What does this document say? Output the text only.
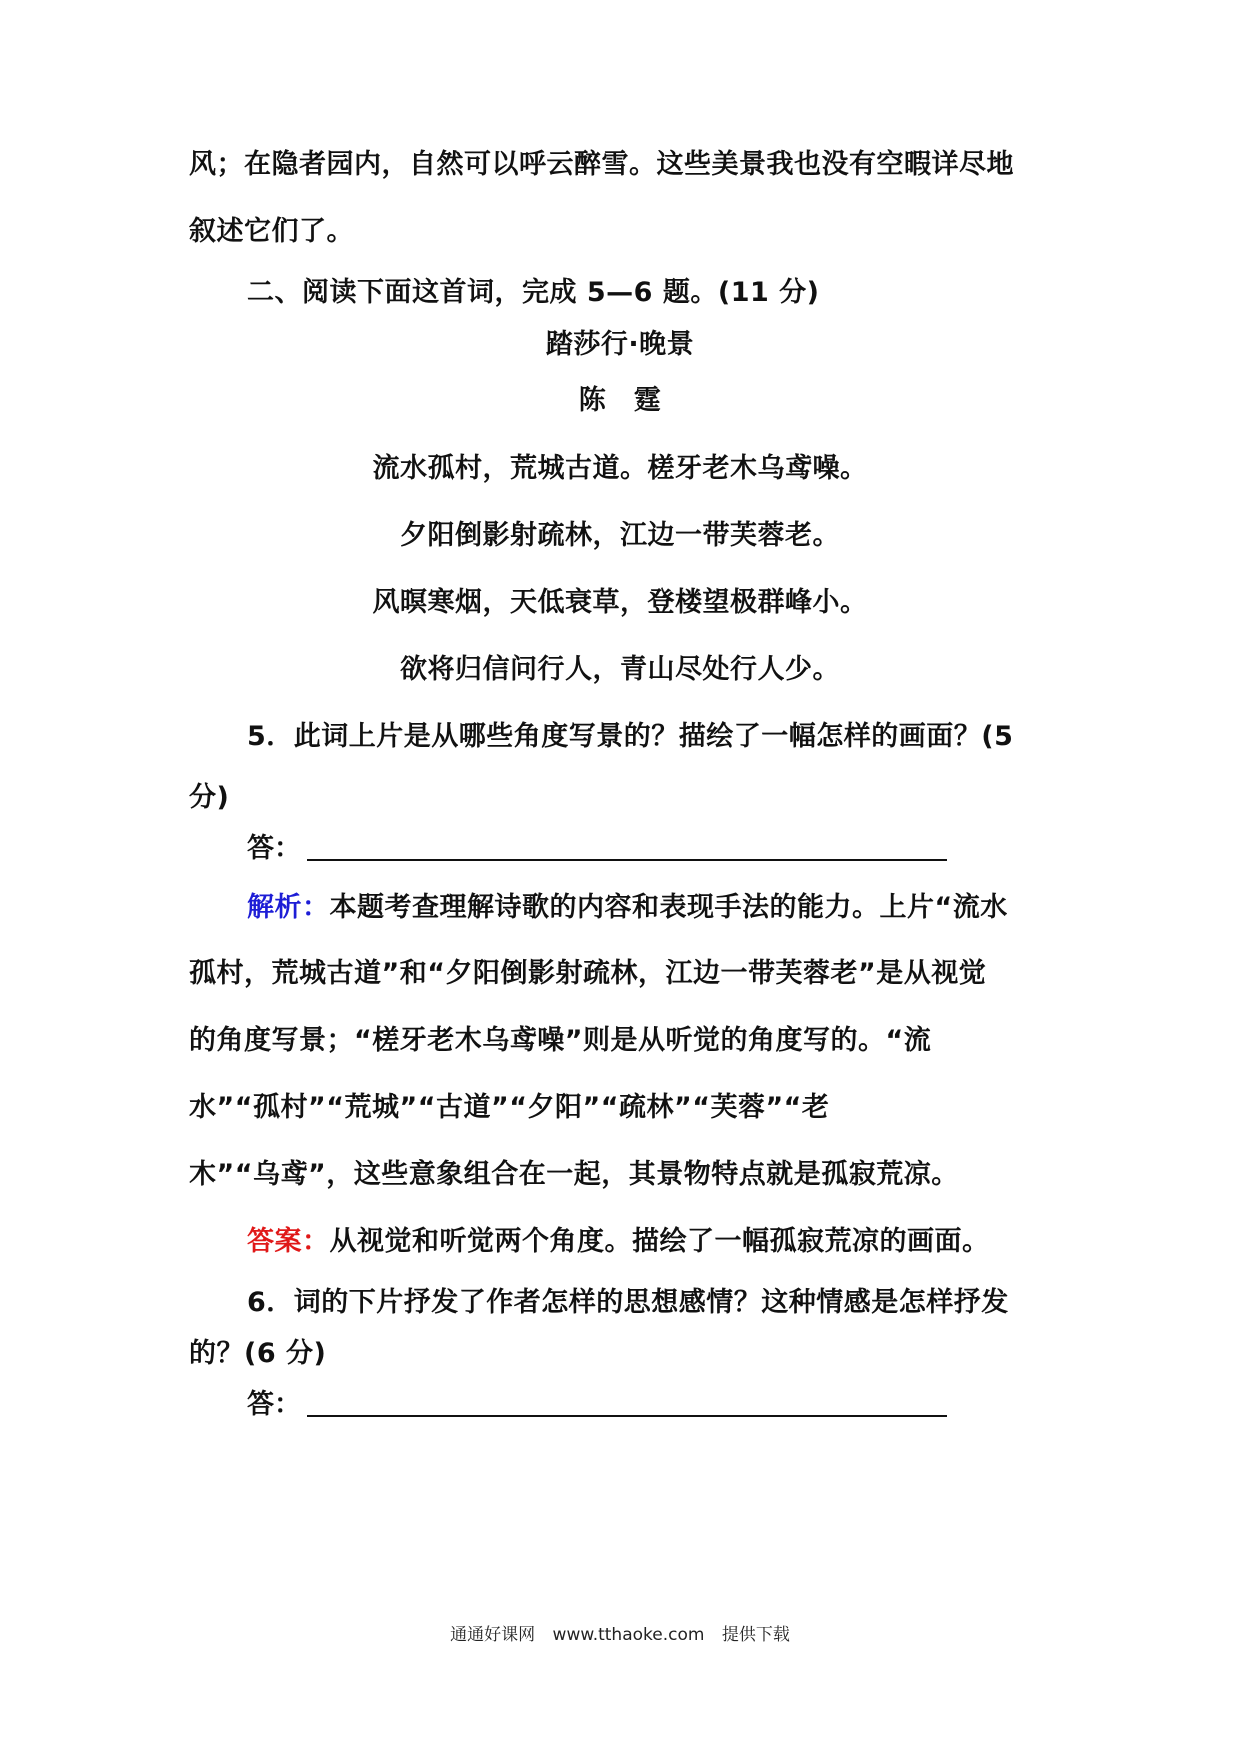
风；在隐者园内，自然可以呼云醉雪。这些美景我也没有空暇详尽地
叙述它们了。
二、阅读下面这首词，完成 5—6 题。(11 分)
踏莎行·晚景
陈　霆
流水孤村，荒城古道。槎牙老木乌鸢噪。
夕阳倒影射疏林，江边一带芙蓉老。
风暝寒烟，天低衰草，登楼望极群峰小。
欲将归信问行人，青山尽处行人少。
5．此词上片是从哪些角度写景的？描绘了一幅怎样的画面？(5
分)
答：
解析：本题考查理解诗歌的内容和表现手法的能力。上片“流水
孤村，荒城古道”和“夕阳倒影射疏林，江边一带芙蓉老”是从视觉
的角度写景；“槎牙老木乌鸢噪”则是从听觉的角度写的。“流
水”“孤村”“荒城”“古道”“夕阳”“疏林”“芙蓉”“老
木”“乌鸢”，这些意象组合在一起，其景物特点就是孤寂荒凉。
答案：从视觉和听觉两个角度。描绘了一幅孤寂荒凉的画面。
6．词的下片抒发了作者怎样的思想感情？这种情感是怎样抒发
的？(6 分)
答：
通通好课网 www.tthaoke.com 提供下载
